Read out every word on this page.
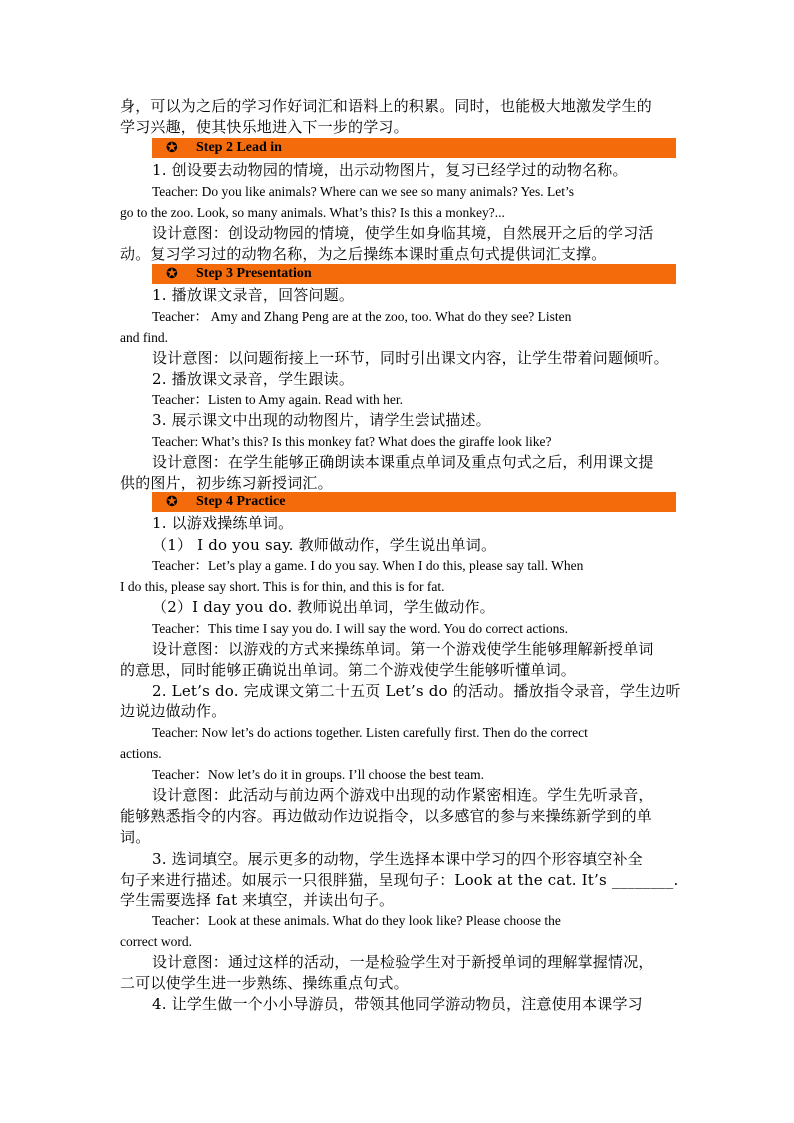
身，可以为之后的学习作好词汇和语料上的积累。同时，也能极大地激发学生的
学习兴趣，使其快乐地进入下一步的学习。
✪ Step 2 Lead in
1. 创设要去动物园的情境，出示动物图片，复习已经学过的动物名称。
Teacher: Do you like animals? Where can we see so many animals? Yes. Let’s
go to the zoo. Look, so many animals. What’s this? Is this a monkey?...
设计意图：创设动物园的情境，使学生如身临其境，自然展开之后的学习活
动。复习学习过的动物名称，为之后操练本课时重点句式提供词汇支撑。
✪ Step 3 Presentation
1. 播放课文录音，回答问题。
Teacher： Amy and Zhang Peng are at the zoo, too. What do they see? Listen
and find.
设计意图：以问题衔接上一环节，同时引出课文内容，让学生带着问题倾听。
2. 播放课文录音，学生跟读。
Teacher：Listen to Amy again. Read with her.
3. 展示课文中出现的动物图片，请学生尝试描述。
Teacher: What’s this? Is this monkey fat? What does the giraffe look like?
设计意图：在学生能够正确朗读本课重点单词及重点句式之后，利用课文提
供的图片，初步练习新授词汇。
✪ Step 4 Practice
1. 以游戏操练单词。
（1） I do you say. 教师做动作，学生说出单词。
Teacher：Let’s play a game. I do you say. When I do this, please say tall. When
I do this, please say short. This is for thin, and this is for fat.
（2）I day you do. 教师说出单词，学生做动作。
Teacher：This time I say you do. I will say the word. You do correct actions.
设计意图：以游戏的方式来操练单词。第一个游戏使学生能够理解新授单词
的意思，同时能够正确说出单词。第二个游戏使学生能够听懂单词。
2. Let’s do. 完成课文第二十五页 Let’s do 的活动。播放指令录音，学生边听
边说边做动作。
Teacher: Now let’s do actions together. Listen carefully first. Then do the correct
actions.
Teacher：Now let’s do it in groups. I’ll choose the best team.
设计意图：此活动与前边两个游戏中出现的动作紧密相连。学生先听录音，
能够熟悉指令的内容。再边做动作边说指令，以多感官的参与来操练新学到的单
词。
3. 选词填空。展示更多的动物，学生选择本课中学习的四个形容填空补全
句子来进行描述。如展示一只很胖猫，呈现句子：Look at the cat. It’s ________.
学生需要选择 fat 来填空，并读出句子。
Teacher：Look at these animals. What do they look like? Please choose the
correct word.
设计意图：通过这样的活动，一是检验学生对于新授单词的理解掌握情况，
二可以使学生进一步熟练、操练重点句式。
4. 让学生做一个小小导游员，带领其他同学游动物员，注意使用本课学习
